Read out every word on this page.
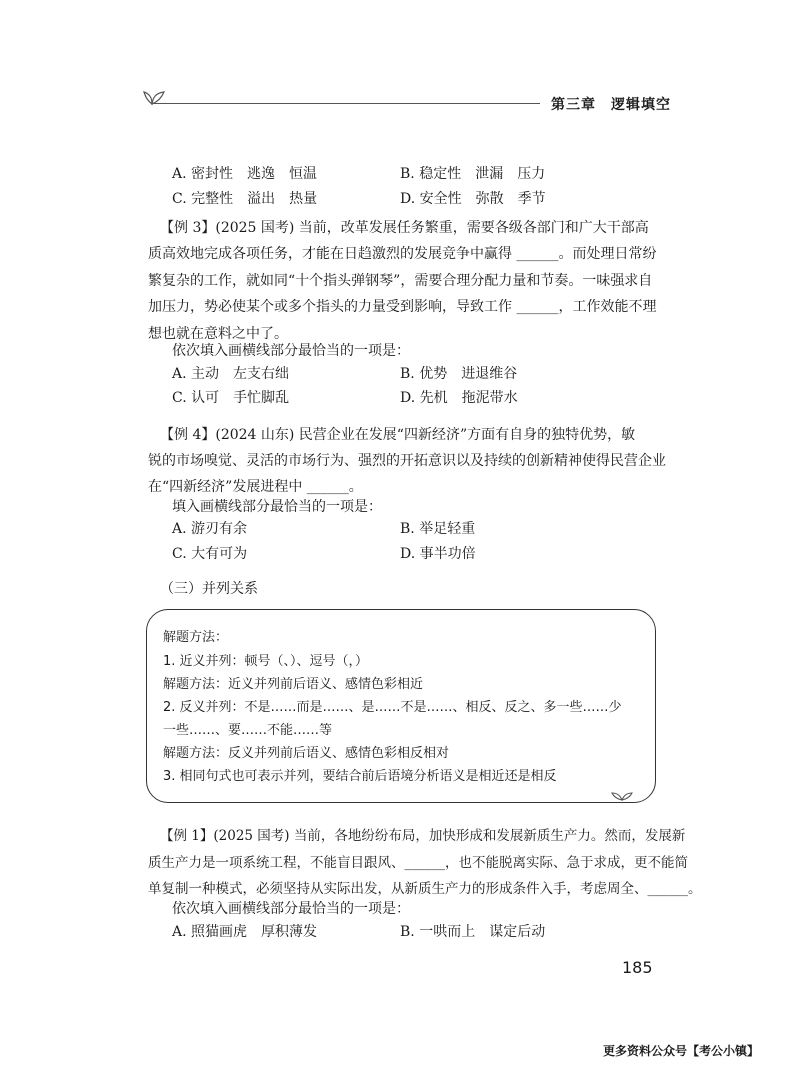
第三章　逻辑填空
A. 密封性　逃逸　恒温	B. 稳定性　泄漏　压力
C. 完整性　溢出　热量	D. 安全性　弥散　季节
【例 3】(2025 国考) 当前，改革发展任务繁重，需要各级各部门和广大干部高
质高效地完成各项任务，才能在日趋激烈的发展竞争中赢得 ______。而处理日常纷
繁复杂的工作，就如同“十个指头弹钢琴”，需要合理分配力量和节奏。一味强求自
加压力，势必使某个或多个指头的力量受到影响，导致工作 ______，工作效能不理
想也就在意料之中了。
依次填入画横线部分最恰当的一项是：
A. 主动　左支右绌	B. 优势　进退维谷
C. 认可　手忙脚乱	D. 先机　拖泥带水
【例 4】(2024 山东) 民营企业在发展“四新经济”方面有自身的独特优势，敏
锐的市场嗅觉、灵活的市场行为、强烈的开拓意识以及持续的创新精神使得民营企业
在“四新经济”发展进程中 ______。
填入画横线部分最恰当的一项是：
A. 游刃有余	B. 举足轻重
C. 大有可为	D. 事半功倍
（三）并列关系
解题方法：
1. 近义并列：顿号（、）、逗号（，）
解题方法：近义并列前后语义、感情色彩相近
2. 反义并列：不是……而是……、是……不是……、相反、反之、多一些……少
一些……、要……不能……等
解题方法：反义并列前后语义、感情色彩相反相对
3. 相同句式也可表示并列，要结合前后语境分析语义是相近还是相反
【例 1】(2025 国考) 当前，各地纷纷布局，加快形成和发展新质生产力。然而，发展新
质生产力是一项系统工程，不能盲目跟风、______，也不能脱离实际、急于求成，更不能简
单复制一种模式，必须坚持从实际出发，从新质生产力的形成条件入手，考虑周全、______。
依次填入画横线部分最恰当的一项是：
A. 照猫画虎　厚积薄发	B. 一哄而上　谋定后动
185
更多资料公众号【考公小镇】
